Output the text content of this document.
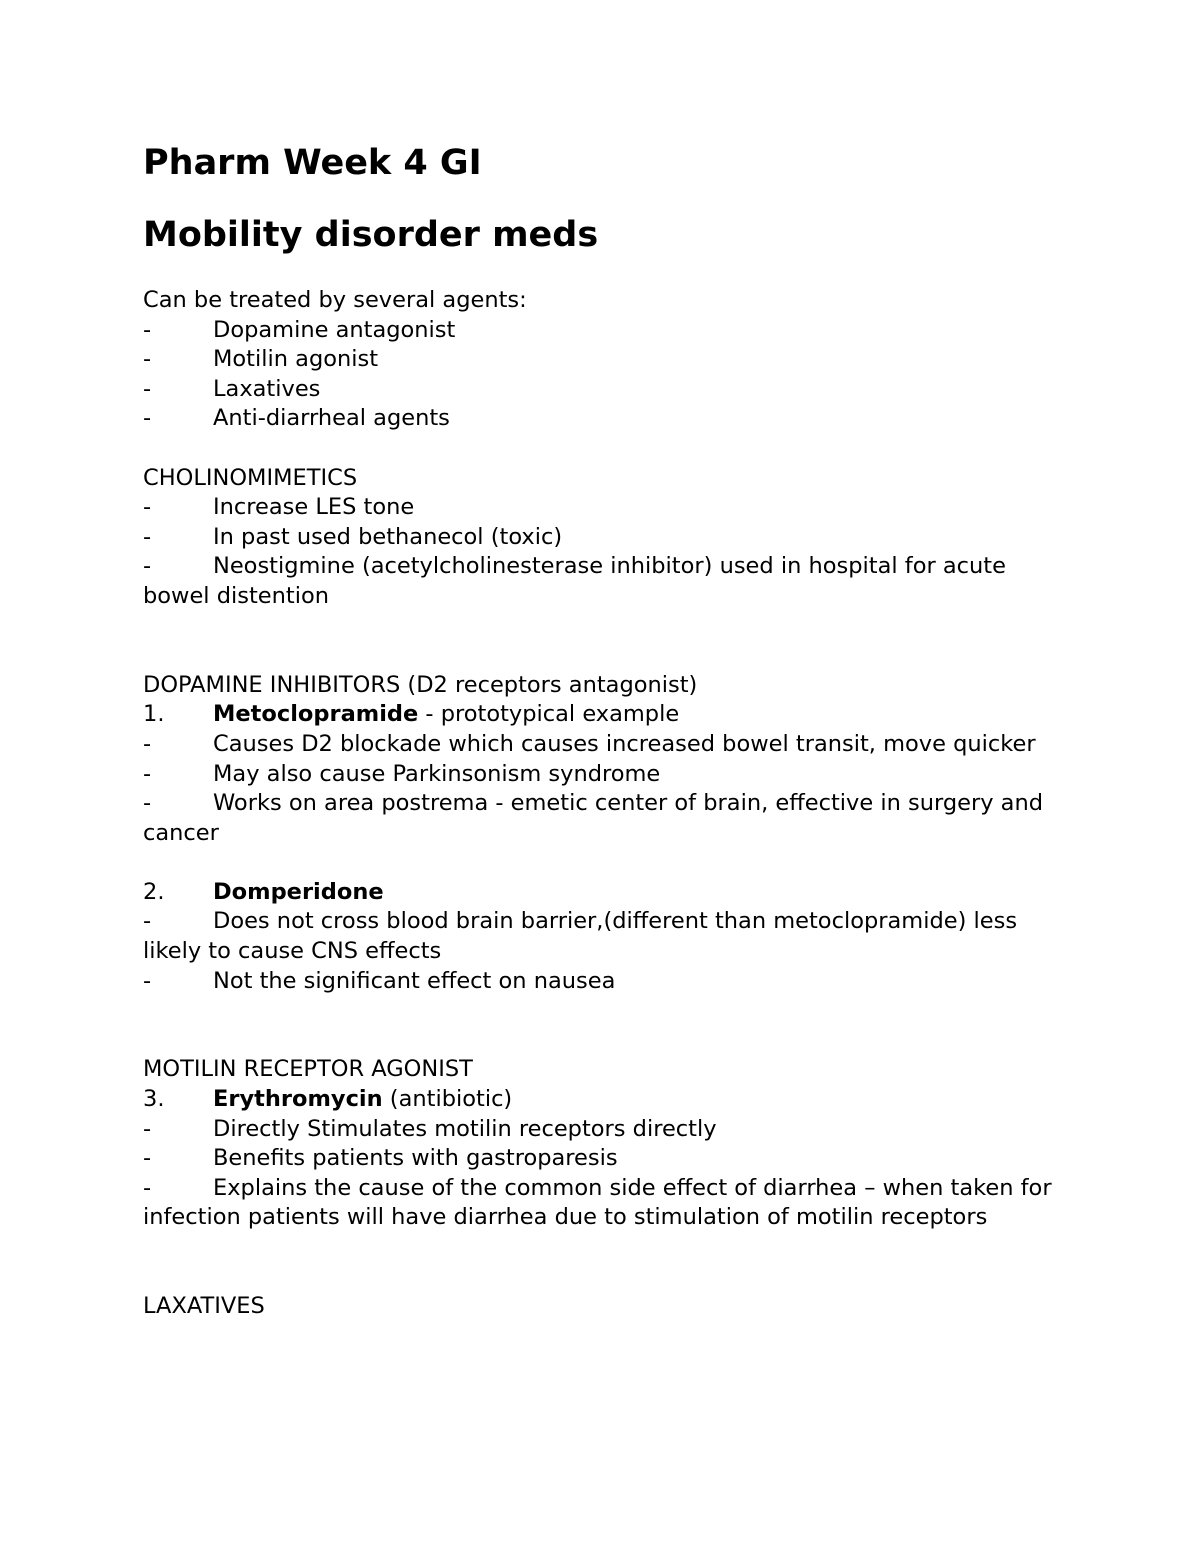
Pharm Week 4 GI
Mobility disorder meds

Can be treated by several agents:

-	Dopamine antagonist
-	Motilin agonist
-	Laxatives
-	Anti-diarrheal agents

CHOLINOMIMETICS

-	Increase LES tone
-	In past used bethanecol (toxic)
-	Neostigmine (acetylcholinesterase inhibitor) used in hospital for acute bowel distention

DOPAMINE INHIBITORS (D2 receptors antagonist)

1.	Metoclopramide - prototypical example
-	Causes D2 blockade which causes increased bowel transit, move quicker
-	May also cause Parkinsonism syndrome
-	Works on area postrema - emetic center of brain, effective in surgery and cancer
2.	Domperidone
-	Does not cross blood brain barrier,(different than metoclopramide) less likely to cause CNS effects
-	Not the significant effect on nausea

MOTILIN RECEPTOR AGONIST

3.	Erythromycin (antibiotic)
-	Directly Stimulates motilin receptors directly
-	Benefits patients with gastroparesis
-	Explains the cause of the common side effect of diarrhea – when taken for infection patients will have diarrhea due to stimulation of motilin receptors

LAXATIVES
